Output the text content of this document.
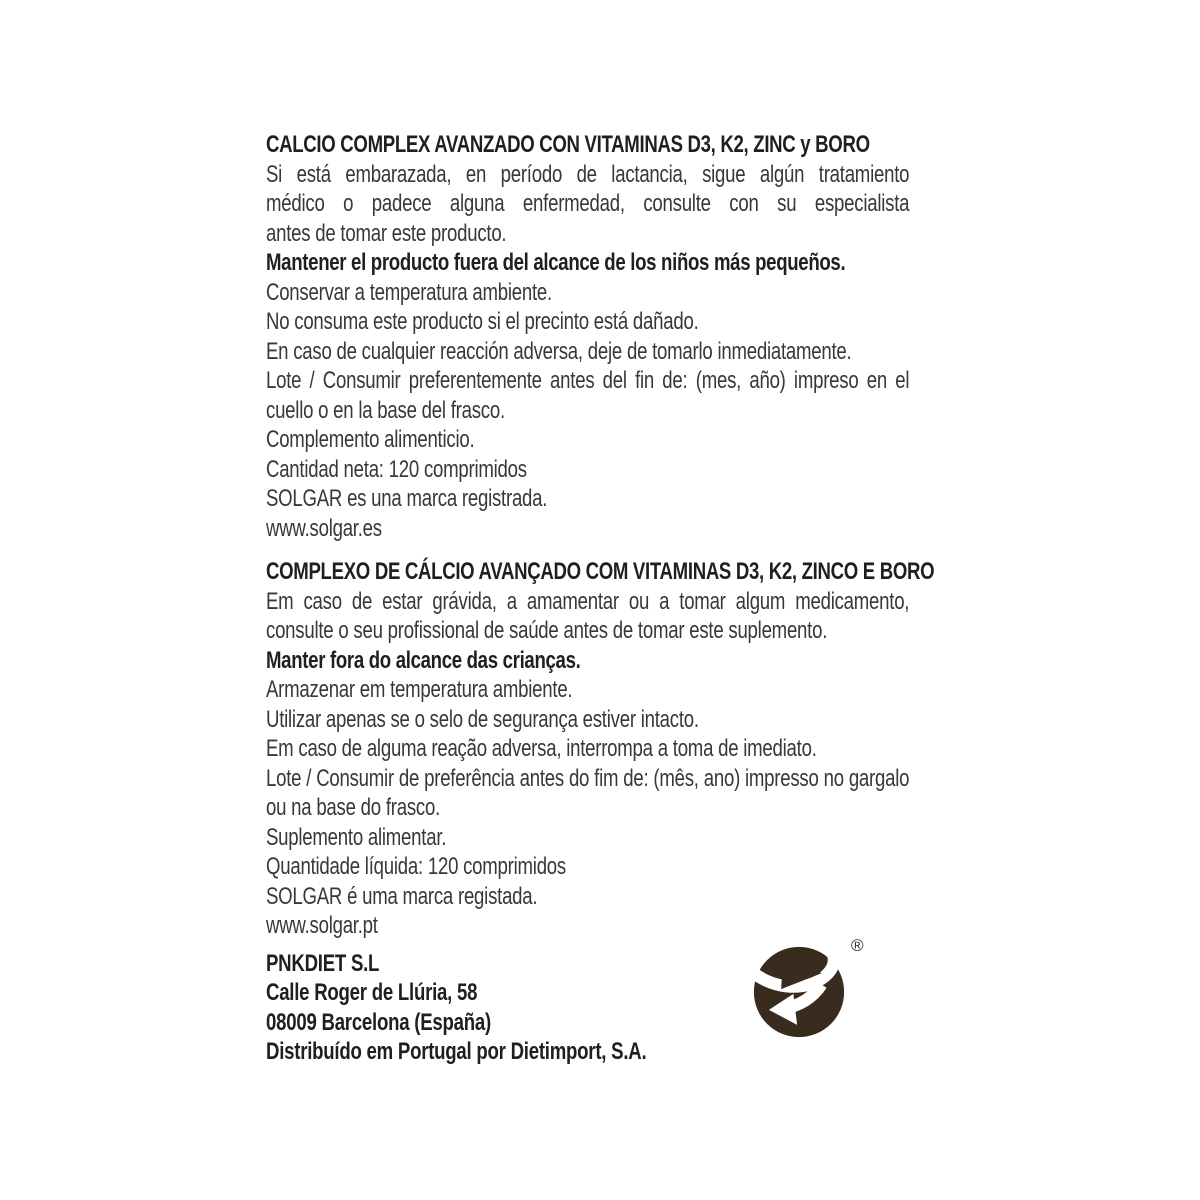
CALCIO COMPLEX AVANZADO CON VITAMINAS D3, K2, ZINC y BORO
Si está embarazada, en período de lactancia, sigue algún tratamiento
médico o padece alguna enfermedad, consulte con su especialista
antes de tomar este producto.
Mantener el producto fuera del alcance de los niños más pequeños.
Conservar a temperatura ambiente.
No consuma este producto si el precinto está dañado.
En caso de cualquier reacción adversa, deje de tomarlo inmediatamente.
Lote / Consumir preferentemente antes del fin de: (mes, año) impreso en el
cuello o en la base del frasco.
Complemento alimenticio.
Cantidad neta: 120 comprimidos
SOLGAR es una marca registrada.
www.solgar.es
COMPLEXO DE CÁLCIO AVANÇADO COM VITAMINAS D3, K2, ZINCO E BORO
Em caso de estar grávida, a amamentar ou a tomar algum medicamento,
consulte o seu profissional de saúde antes de tomar este suplemento.
Manter fora do alcance das crianças.
Armazenar em temperatura ambiente.
Utilizar apenas se o selo de segurança estiver intacto.
Em caso de alguma reação adversa, interrompa a toma de imediato.
Lote / Consumir de preferência antes do fim de: (mês, ano) impresso no gargalo
ou na base do frasco.
Suplemento alimentar.
Quantidade líquida: 120 comprimidos
SOLGAR é uma marca registada.
www.solgar.pt
PNKDIET S.L
Calle Roger de Llúria, 58
08009 Barcelona (España)
Distribuído em Portugal por Dietimport, S.A.
®
